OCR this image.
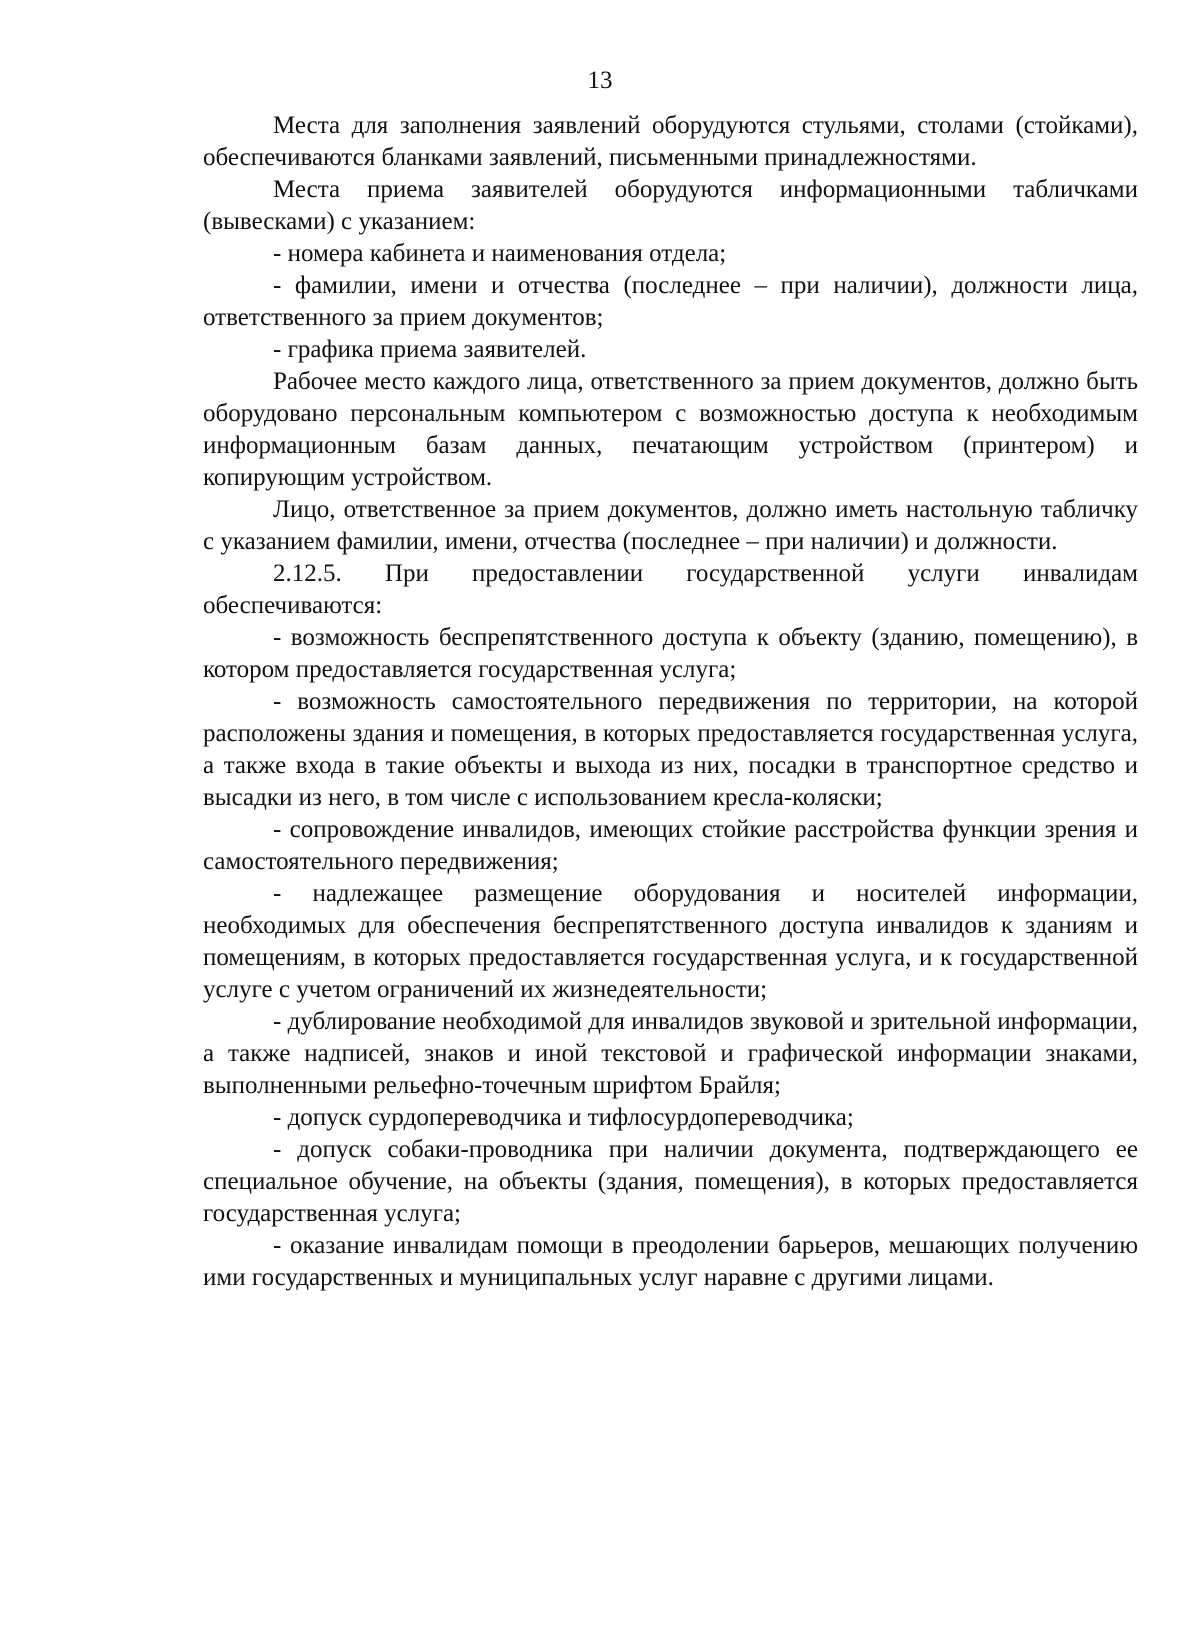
13

Места для заполнения заявлений оборудуются стульями, столами (стойками), обеспечиваются бланками заявлений, письменными принадлежностями.

Места приема заявителей оборудуются информационными табличками (вывесками) с указанием:

- номера кабинета и наименования отдела;

- фамилии, имени и отчества (последнее – при наличии), должности лица, ответственного за прием документов;

- графика приема заявителей.

Рабочее место каждого лица, ответственного за прием документов, должно быть оборудовано персональным компьютером с возможностью доступа к необходимым информационным базам данных, печатающим устройством (принтером) и копирующим устройством.

Лицо, ответственное за прием документов, должно иметь настольную табличку с указанием фамилии, имени, отчества (последнее – при наличии) и должности.

2.12.5. При предоставлении государственной услуги инвалидам обеспечиваются:

- возможность беспрепятственного доступа к объекту (зданию, помещению), в котором предоставляется государственная услуга;

- возможность самостоятельного передвижения по территории, на которой расположены здания и помещения, в которых предоставляется государственная услуга, а также входа в такие объекты и выхода из них, посадки в транспортное средство и высадки из него, в том числе с использованием кресла-коляски;

- сопровождение инвалидов, имеющих стойкие расстройства функции зрения и самостоятельного передвижения;

- надлежащее размещение оборудования и носителей информации, необходимых для обеспечения беспрепятственного доступа инвалидов к зданиям и помещениям, в которых предоставляется государственная услуга, и к государственной услуге с учетом ограничений их жизнедеятельности;

- дублирование необходимой для инвалидов звуковой и зрительной информации, а также надписей, знаков и иной текстовой и графической информации знаками, выполненными рельефно-точечным шрифтом Брайля;

- допуск сурдопереводчика и тифлосурдопереводчика;

- допуск собаки-проводника при наличии документа, подтверждающего ее специальное обучение, на объекты (здания, помещения), в которых предоставляется государственная услуга;

- оказание инвалидам помощи в преодолении барьеров, мешающих получению ими государственных и муниципальных услуг наравне с другими лицами.
